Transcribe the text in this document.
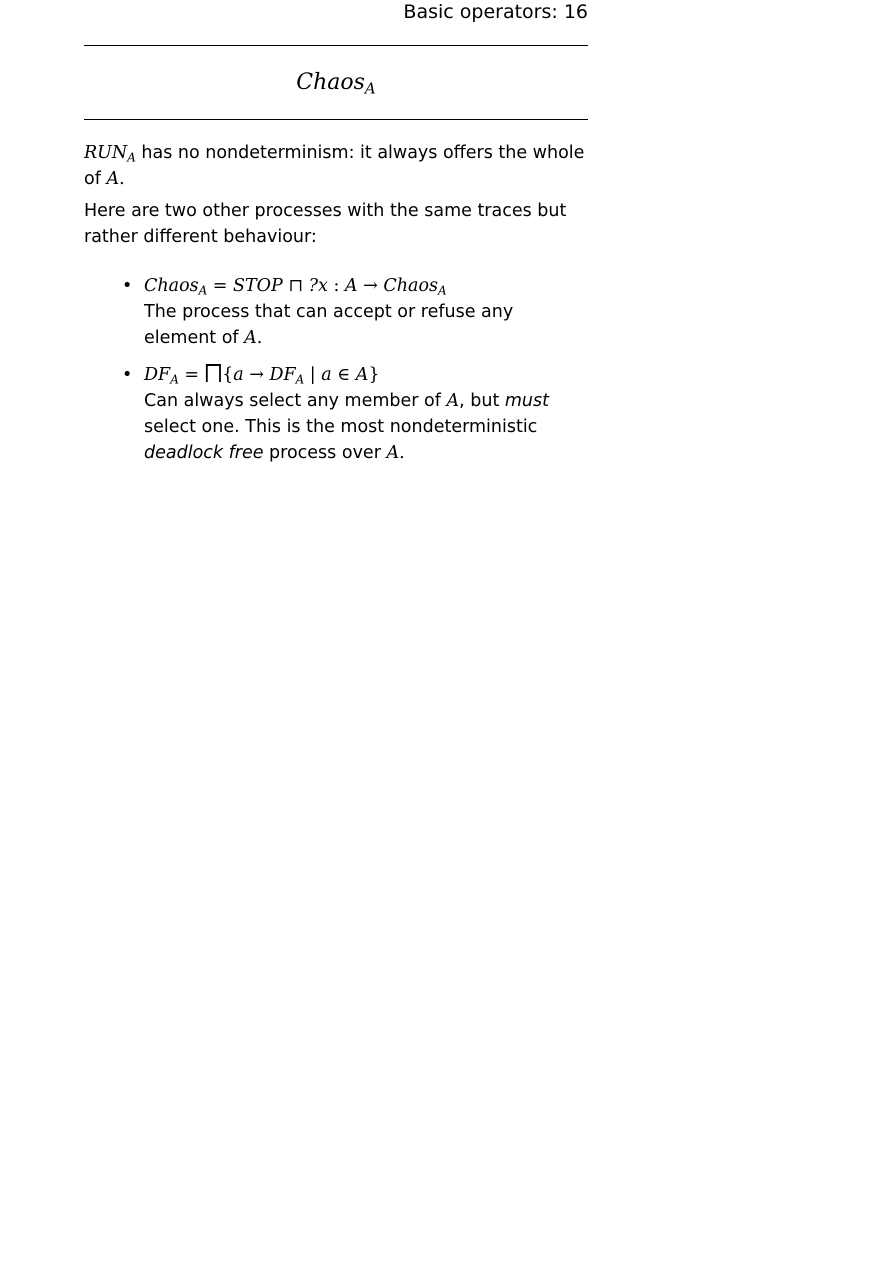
Basic operators: 16
Chaos$_A$
$RUN_A$ has no nondeterminism: it always offers the whole of A.
Here are two other processes with the same traces but rather different behaviour:
• Chaos$_A$ = STOP ⊓ ?x : A → Chaos$_A$
The process that can accept or refuse any element of A.
• $DF_A$ = ⨅{a → $DF_A$ | a ∈ A}
Can always select any member of A, but must select one. This is the most nondeterministic deadlock free process over A.
